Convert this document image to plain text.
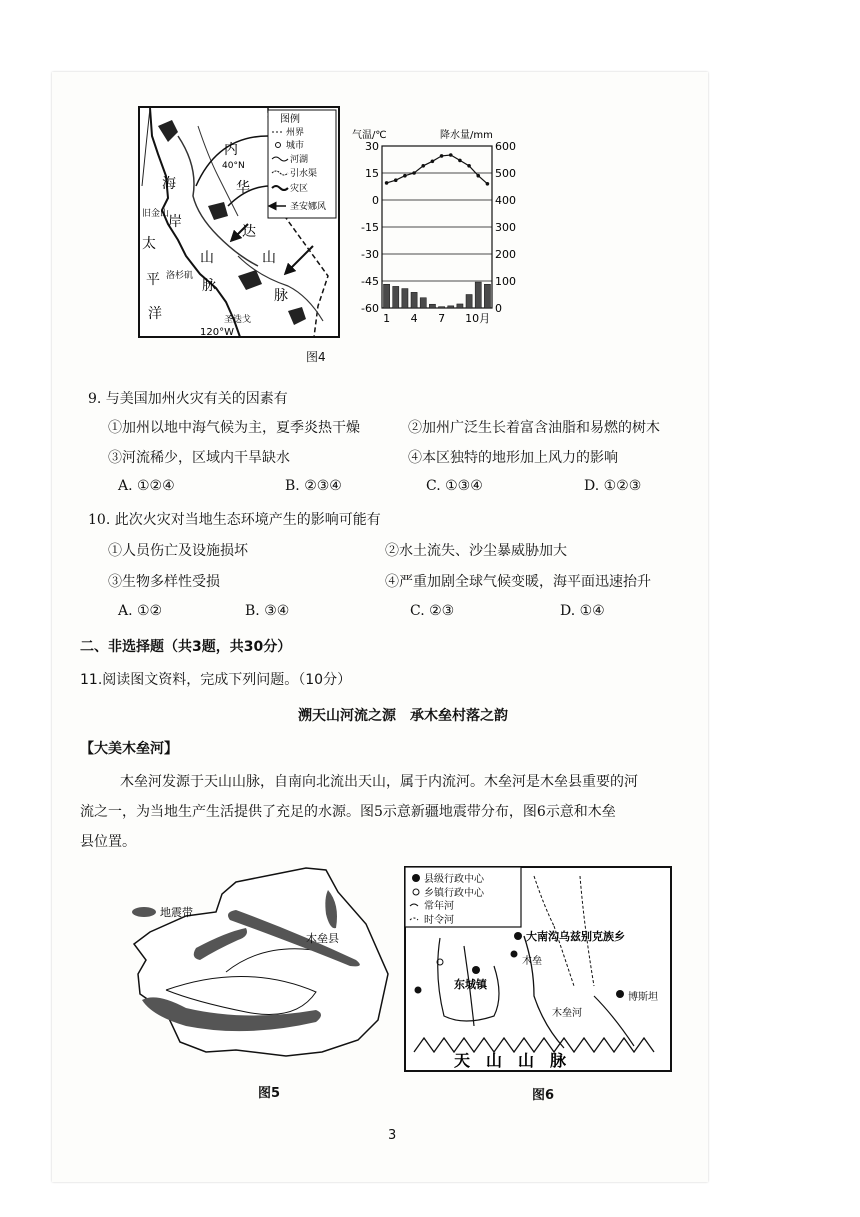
图例
州界
城市
河湖
引水渠
灾区
圣安娜风
内
40°N
华
达
山
脉
海
岸
山
脉
太
平
洋
旧金山
洛杉矶
圣迭戈
120°W
气温/℃	降水量/mm
30
15
0
-15
-30
-45
-60
600
500
400
300
200
100
0
1 4 7 10月
图4
9. 与美国加州火灾有关的因素有
①加州以地中海气候为主，夏季炎热干燥	②加州广泛生长着富含油脂和易燃的树木
③河流稀少，区域内干旱缺水	④本区独特的地形加上风力的影响
A. ①②④	B. ②③④	C. ①③④	D. ①②③
10. 此次火灾对当地生态环境产生的影响可能有
①人员伤亡及设施损坏	②水土流失、沙尘暴威胁加大
③生物多样性受损	④严重加剧全球气候变暖，海平面迅速抬升
A. ①②	B. ③④	C. ②③	D. ①④
二、非选择题（共3题，共30分）
11.阅读图文资料，完成下列问题。（10分）
溯天山河流之源　承木垒村落之韵
【大美木垒河】
木垒河发源于天山山脉，自南向北流出天山，属于内流河。木垒河是木垒县重要的河
流之一，为当地生产生活提供了充足的水源。图5示意新疆地震带分布，图6示意和木垒
县位置。
地震带
木垒县
图5
县级行政中心
乡镇行政中心
常年河
时令河
大南沟乌兹别克族乡
东城镇
木垒
木垒河
博斯坦
天　山　山　脉
图6
3
